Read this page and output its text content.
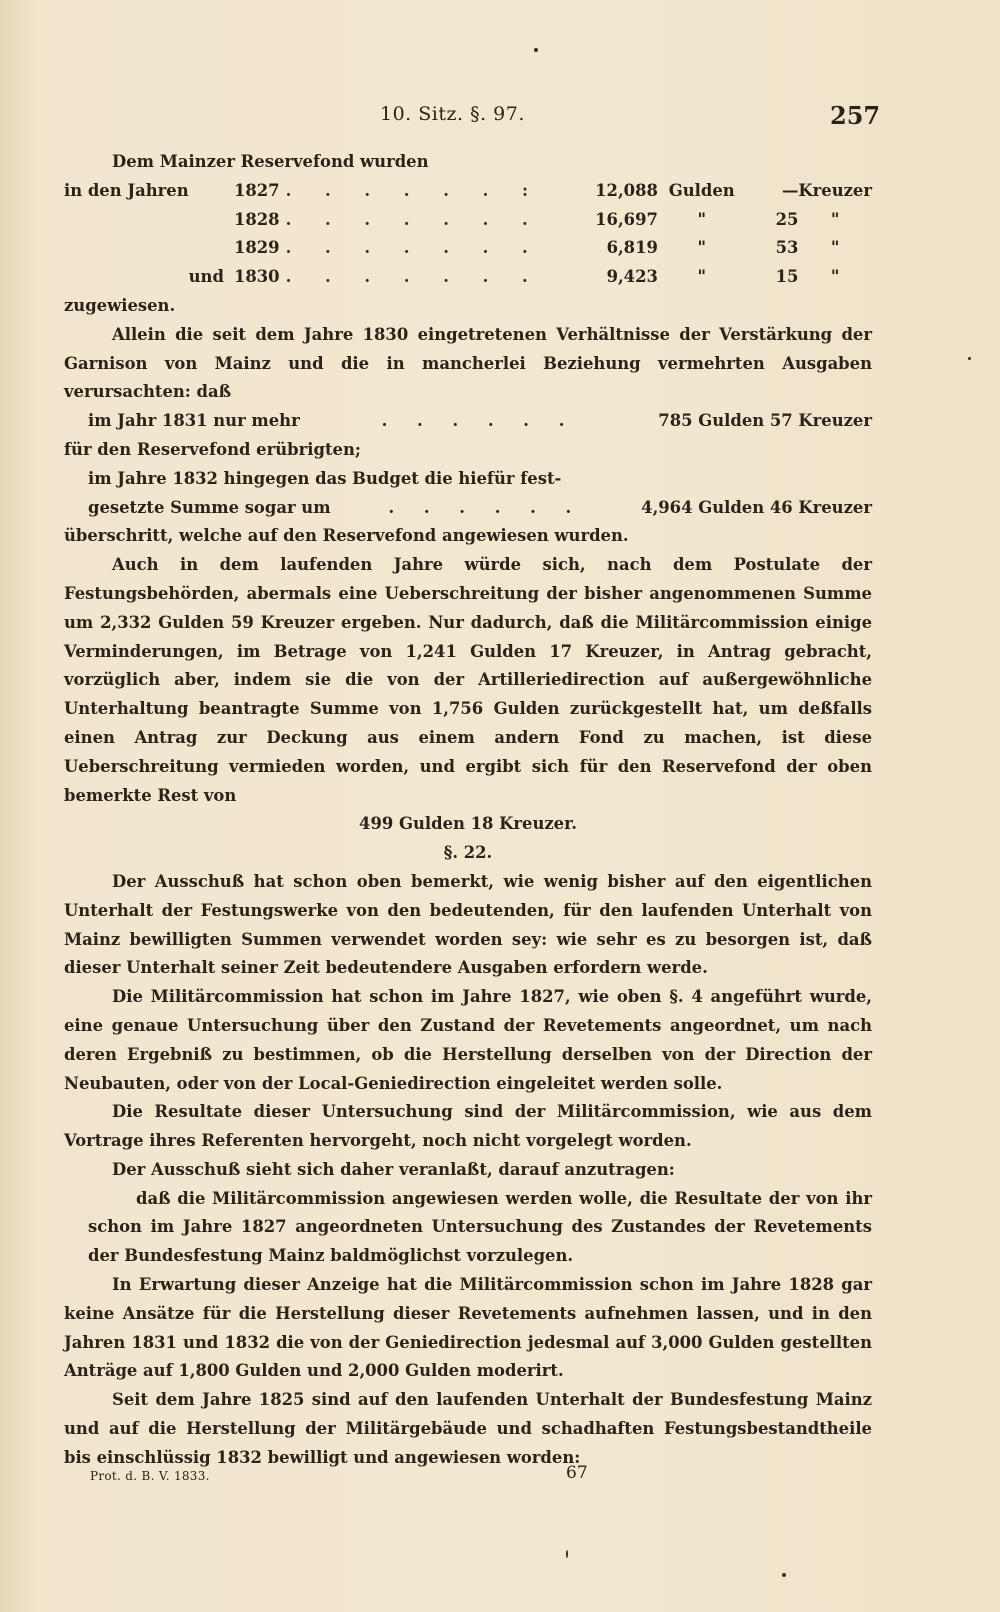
10. Sitz. §. 97.	257

Dem Mainzer Reservefond wurden

in den Jahren	1827	. . . . . . :	12,088	Gulden	—	Kreuzer
	1828	. . . . . . .	16,697	"	25	"
	1829	. . . . . . .	6,819	"	53	"
	und 1830	. . . . . . .	9,423	"	15	"

zugewiesen.

Allein die seit dem Jahre 1830 eingetretenen Verhältnisse der Verstärkung der Garnison von Mainz und die in mancherlei Beziehung vermehrten Ausgaben verursachten: daß

im Jahr 1831 nur mehr	. . . . . .	785 Gulden 57 Kreuzer

für den Reservefond erübrigten;

im Jahre 1832 hingegen das Budget die hiefür fest-

gesetzte Summe sogar um	. . . . . .	4,964 Gulden 46 Kreuzer

überschritt, welche auf den Reservefond angewiesen wurden.

Auch in dem laufenden Jahre würde sich, nach dem Postulate der Festungsbehörden, abermals eine Ueberschreitung der bisher angenommenen Summe um 2,332 Gulden 59 Kreuzer ergeben. Nur dadurch, daß die Militärcommission einige Verminderungen, im Betrage von 1,241 Gulden 17 Kreuzer, in Antrag gebracht, vorzüglich aber, indem sie die von der Artilleriedirection auf außergewöhnliche Unterhaltung beantragte Summe von 1,756 Gulden zurückgestellt hat, um deßfalls einen Antrag zur Deckung aus einem andern Fond zu machen, ist diese Ueberschreitung vermieden worden, und ergibt sich für den Reservefond der oben bemerkte Rest von

499 Gulden 18 Kreuzer.

§. 22.

Der Ausschuß hat schon oben bemerkt, wie wenig bisher auf den eigentlichen Unterhalt der Festungswerke von den bedeutenden, für den laufenden Unterhalt von Mainz bewilligten Summen verwendet worden sey: wie sehr es zu besorgen ist, daß dieser Unterhalt seiner Zeit bedeutendere Ausgaben erfordern werde.

Die Militärcommission hat schon im Jahre 1827, wie oben §. 4 angeführt wurde, eine genaue Untersuchung über den Zustand der Revetements angeordnet, um nach deren Ergebniß zu bestimmen, ob die Herstellung derselben von der Direction der Neubauten, oder von der Local-Geniedirection eingeleitet werden solle.

Die Resultate dieser Untersuchung sind der Militärcommission, wie aus dem Vortrage ihres Referenten hervorgeht, noch nicht vorgelegt worden.

Der Ausschuß sieht sich daher veranlaßt, darauf anzutragen:

daß die Militärcommission angewiesen werden wolle, die Resultate der von ihr schon im Jahre 1827 angeordneten Untersuchung des Zustandes der Revetements der Bundesfestung Mainz baldmöglichst vorzulegen.

In Erwartung dieser Anzeige hat die Militärcommission schon im Jahre 1828 gar keine Ansätze für die Herstellung dieser Revetements aufnehmen lassen, und in den Jahren 1831 und 1832 die von der Geniedirection jedesmal auf 3,000 Gulden gestellten Anträge auf 1,800 Gulden und 2,000 Gulden moderirt.

Seit dem Jahre 1825 sind auf den laufenden Unterhalt der Bundesfestung Mainz und auf die Herstellung der Militärgebäude und schadhaften Festungsbestandtheile bis einschlüssig 1832 bewilligt und angewiesen worden:

Prot. d. B. V. 1833.	67
